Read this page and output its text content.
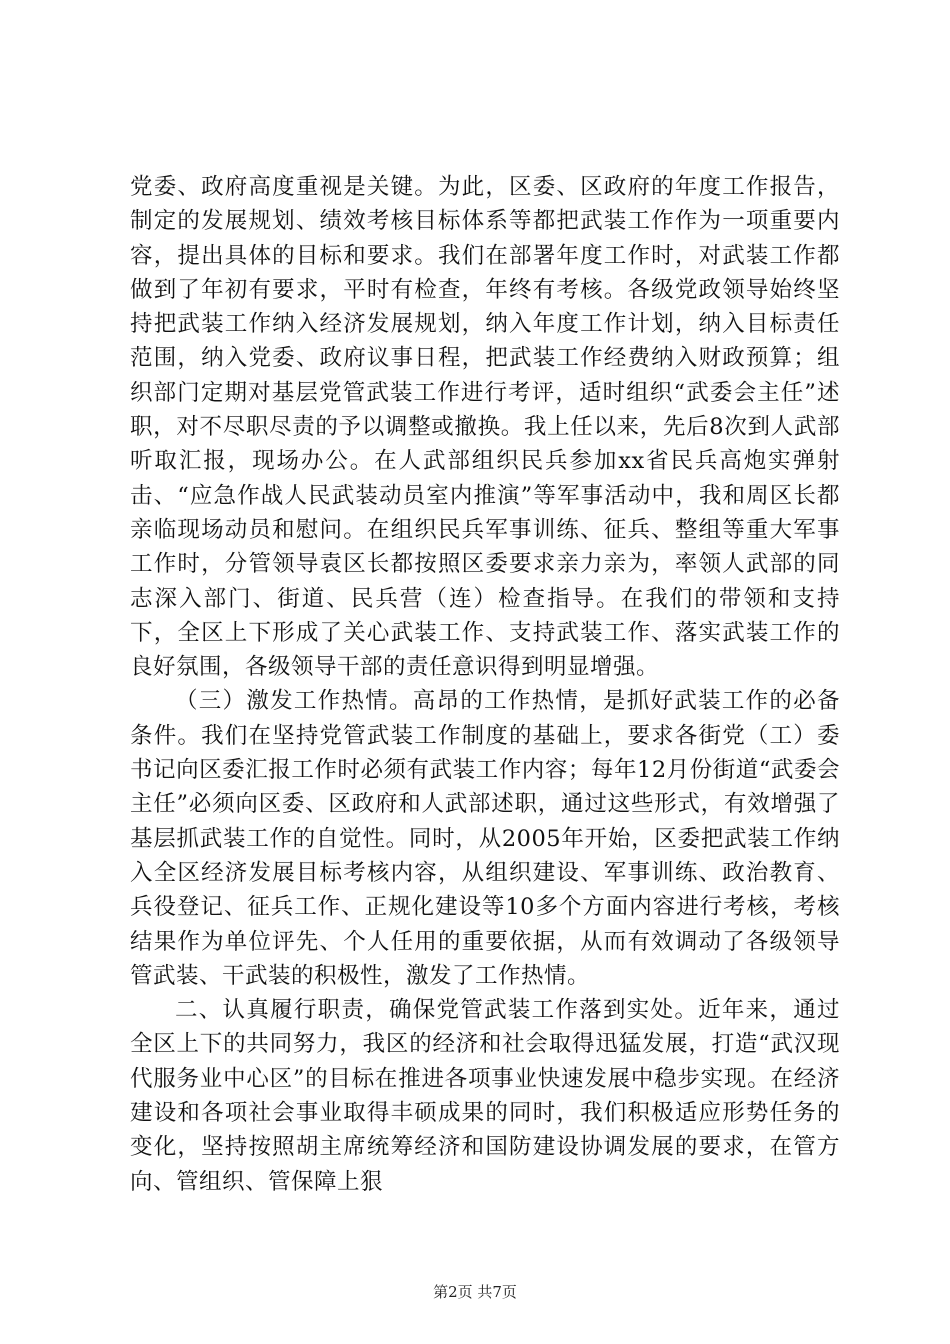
党委、政府高度重视是关键。为此，区委、区政府的年度工作报告，制定的发展规划、绩效考核目标体系等都把武装工作作为一项重要内容，提出具体的目标和要求。我们在部署年度工作时，对武装工作都做到了年初有要求，平时有检查，年终有考核。各级党政领导始终坚持把武装工作纳入经济发展规划，纳入年度工作计划，纳入目标责任范围，纳入党委、政府议事日程，把武装工作经费纳入财政预算；组织部门定期对基层党管武装工作进行考评，适时组织“武委会主任”述职，对不尽职尽责的予以调整或撤换。我上任以来，先后8次到人武部听取汇报，现场办公。在人武部组织民兵参加xx省民兵高炮实弹射击、“应急作战人民武装动员室内推演”等军事活动中，我和周区长都亲临现场动员和慰问。在组织民兵军事训练、征兵、整组等重大军事工作时，分管领导袁区长都按照区委要求亲力亲为，率领人武部的同志深入部门、街道、民兵营（连）检查指导。在我们的带领和支持下，全区上下形成了关心武装工作、支持武装工作、落实武装工作的良好氛围，各级领导干部的责任意识得到明显增强。

（三）激发工作热情。高昂的工作热情，是抓好武装工作的必备条件。我们在坚持党管武装工作制度的基础上，要求各街党（工）委书记向区委汇报工作时必须有武装工作内容；每年12月份街道“武委会主任”必须向区委、区政府和人武部述职，通过这些形式，有效增强了基层抓武装工作的自觉性。同时，从2005年开始，区委把武装工作纳入全区经济发展目标考核内容，从组织建设、军事训练、政治教育、兵役登记、征兵工作、正规化建设等10多个方面内容进行考核，考核结果作为单位评先、个人任用的重要依据，从而有效调动了各级领导管武装、干武装的积极性，激发了工作热情。

二、认真履行职责，确保党管武装工作落到实处。近年来，通过全区上下的共同努力，我区的经济和社会取得迅猛发展，打造“武汉现代服务业中心区”的目标在推进各项事业快速发展中稳步实现。在经济建设和各项社会事业取得丰硕成果的同时，我们积极适应形势任务的变化，坚持按照胡主席统筹经济和国防建设协调发展的要求，在管方向、管组织、管保障上狠

第2页 共7页
